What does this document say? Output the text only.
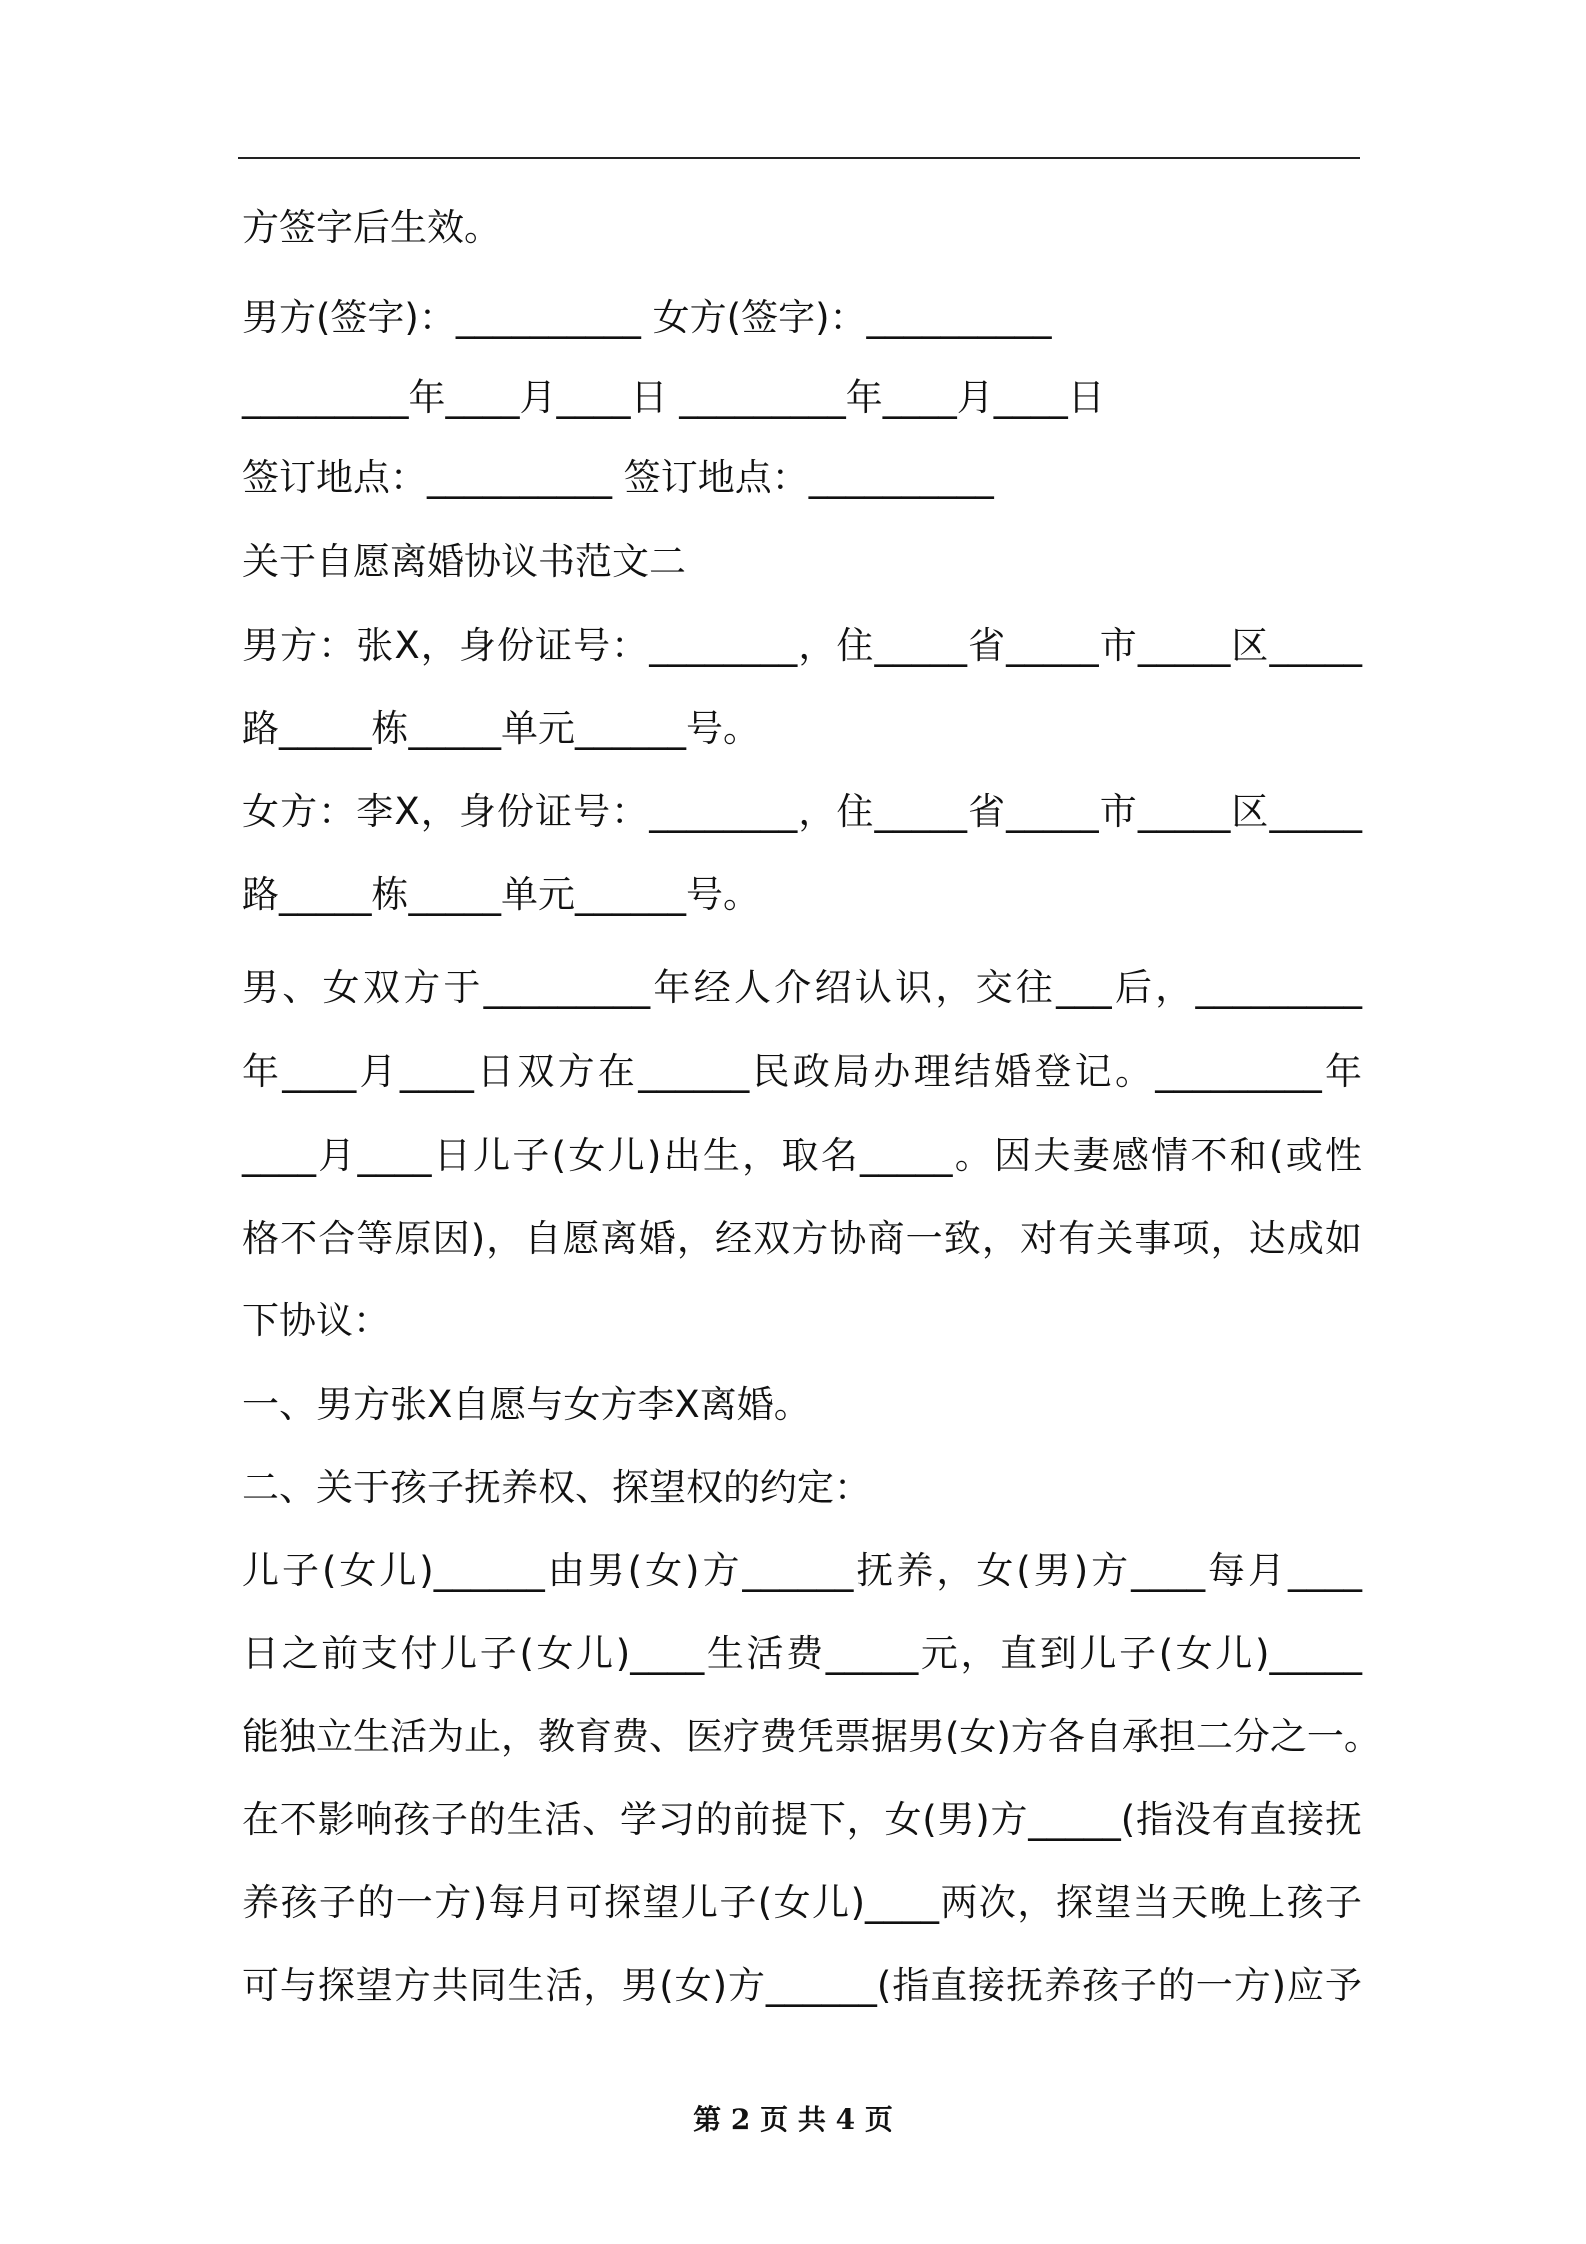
方签字后生效。
男方(签字)：__________ 女方(签字)：__________
_________年____月____日 _________年____月____日
签订地点：__________ 签订地点：__________
关于自愿离婚协议书范文二
男方：张X，身份证号：________，住_____省_____市_____区_____
路_____栋_____单元______号。
女方：李X，身份证号：________，住_____省_____市_____区_____
路_____栋_____单元______号。
男、女双方于_________年经人介绍认识，交往___后，_________
年____月____日双方在______民政局办理结婚登记。_________年
____月____日儿子(女儿)出生，取名_____。因夫妻感情不和(或性
格不合等原因)，自愿离婚，经双方协商一致，对有关事项，达成如
下协议：
一、男方张X自愿与女方李X离婚。
二、关于孩子抚养权、探望权的约定：
儿子(女儿)______由男(女)方______抚养，女(男)方____每月____
日之前支付儿子(女儿)____生活费_____元，直到儿子(女儿)_____
能独立生活为止，教育费、医疗费凭票据男(女)方各自承担二分之一。
在不影响孩子的生活、学习的前提下，女(男)方_____(指没有直接抚
养孩子的一方)每月可探望儿子(女儿)____两次，探望当天晚上孩子
可与探望方共同生活，男(女)方______(指直接抚养孩子的一方)应予
第 2 页 共 4 页
